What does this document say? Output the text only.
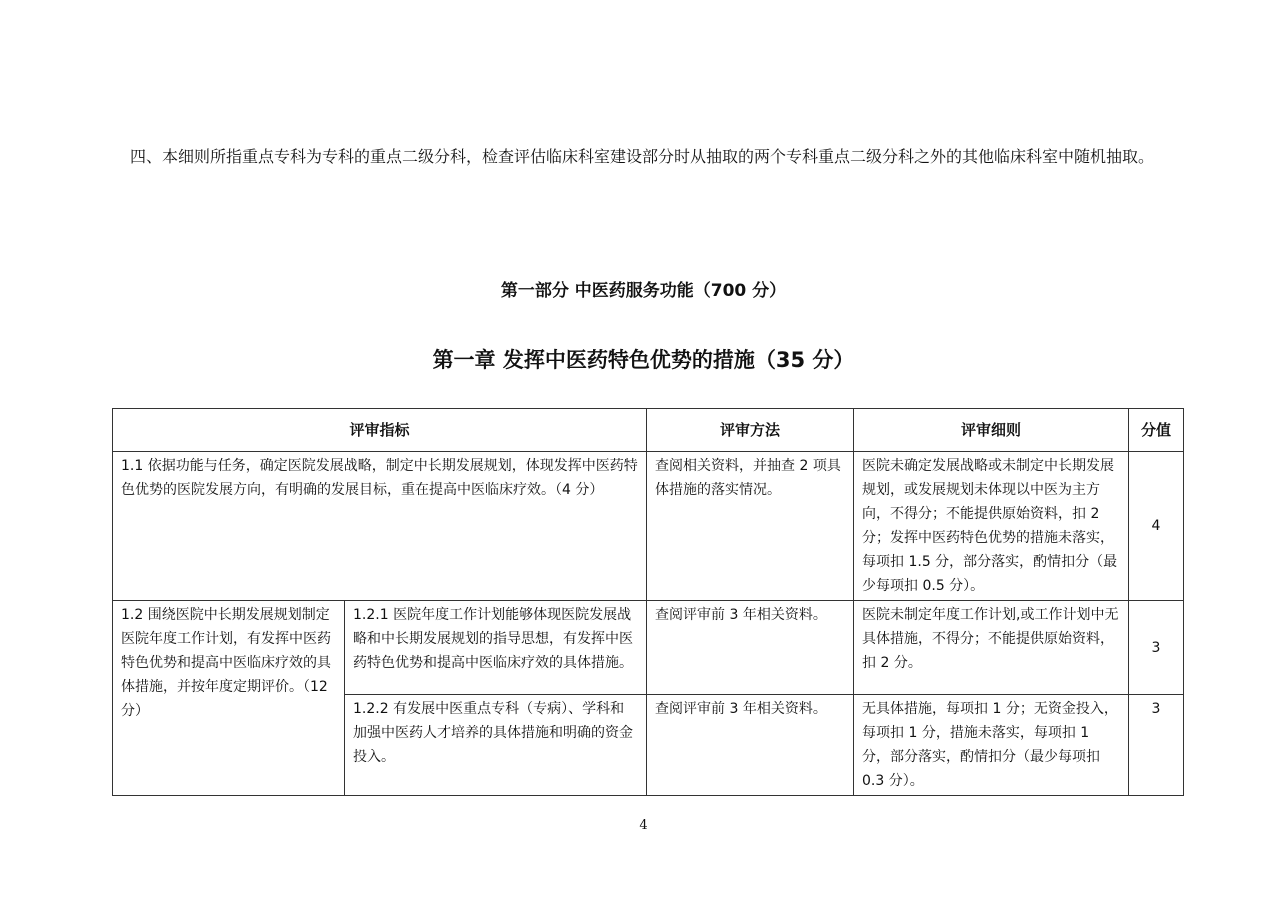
四、本细则所指重点专科为专科的重点二级分科，检查评估临床科室建设部分时从抽取的两个专科重点二级分科之外的其他临床科室中随机抽取。
第一部分 中医药服务功能（700 分）
第一章 发挥中医药特色优势的措施（35 分）
评审指标		评审方法	评审细则	分值
1.1 依据功能与任务，确定医院发展战略，制定中长期发展规划，体现发挥中医药特色优势的医院发展方向，有明确的发展目标，重在提高中医临床疗效。（4 分）		查阅相关资料，并抽查 2 项具体措施的落实情况。	医院未确定发展战略或未制定中长期发展规划，或发展规划未体现以中医为主方向，不得分；不能提供原始资料，扣 2 分；发挥中医药特色优势的措施未落实，每项扣 1.5 分，部分落实，酌情扣分（最少每项扣 0.5 分）。	4
1.2 围绕医院中长期发展规划制定医院年度工作计划，有发挥中医药特色优势和提高中医临床疗效的具体措施，并按年度定期评价。（12 分）	1.2.1 医院年度工作计划能够体现医院发展战略和中长期发展规划的指导思想，有发挥中医药特色优势和提高中医临床疗效的具体措施。	查阅评审前 3 年相关资料。	医院未制定年度工作计划,或工作计划中无具体措施，不得分；不能提供原始资料，扣 2 分。	3
	1.2.2 有发展中医重点专科（专病）、学科和加强中医药人才培养的具体措施和明确的资金投入。	查阅评审前 3 年相关资料。	无具体措施，每项扣 1 分；无资金投入，每项扣 1 分，措施未落实，每项扣 1 分，部分落实，酌情扣分（最少每项扣 0.3 分）。	3
4
